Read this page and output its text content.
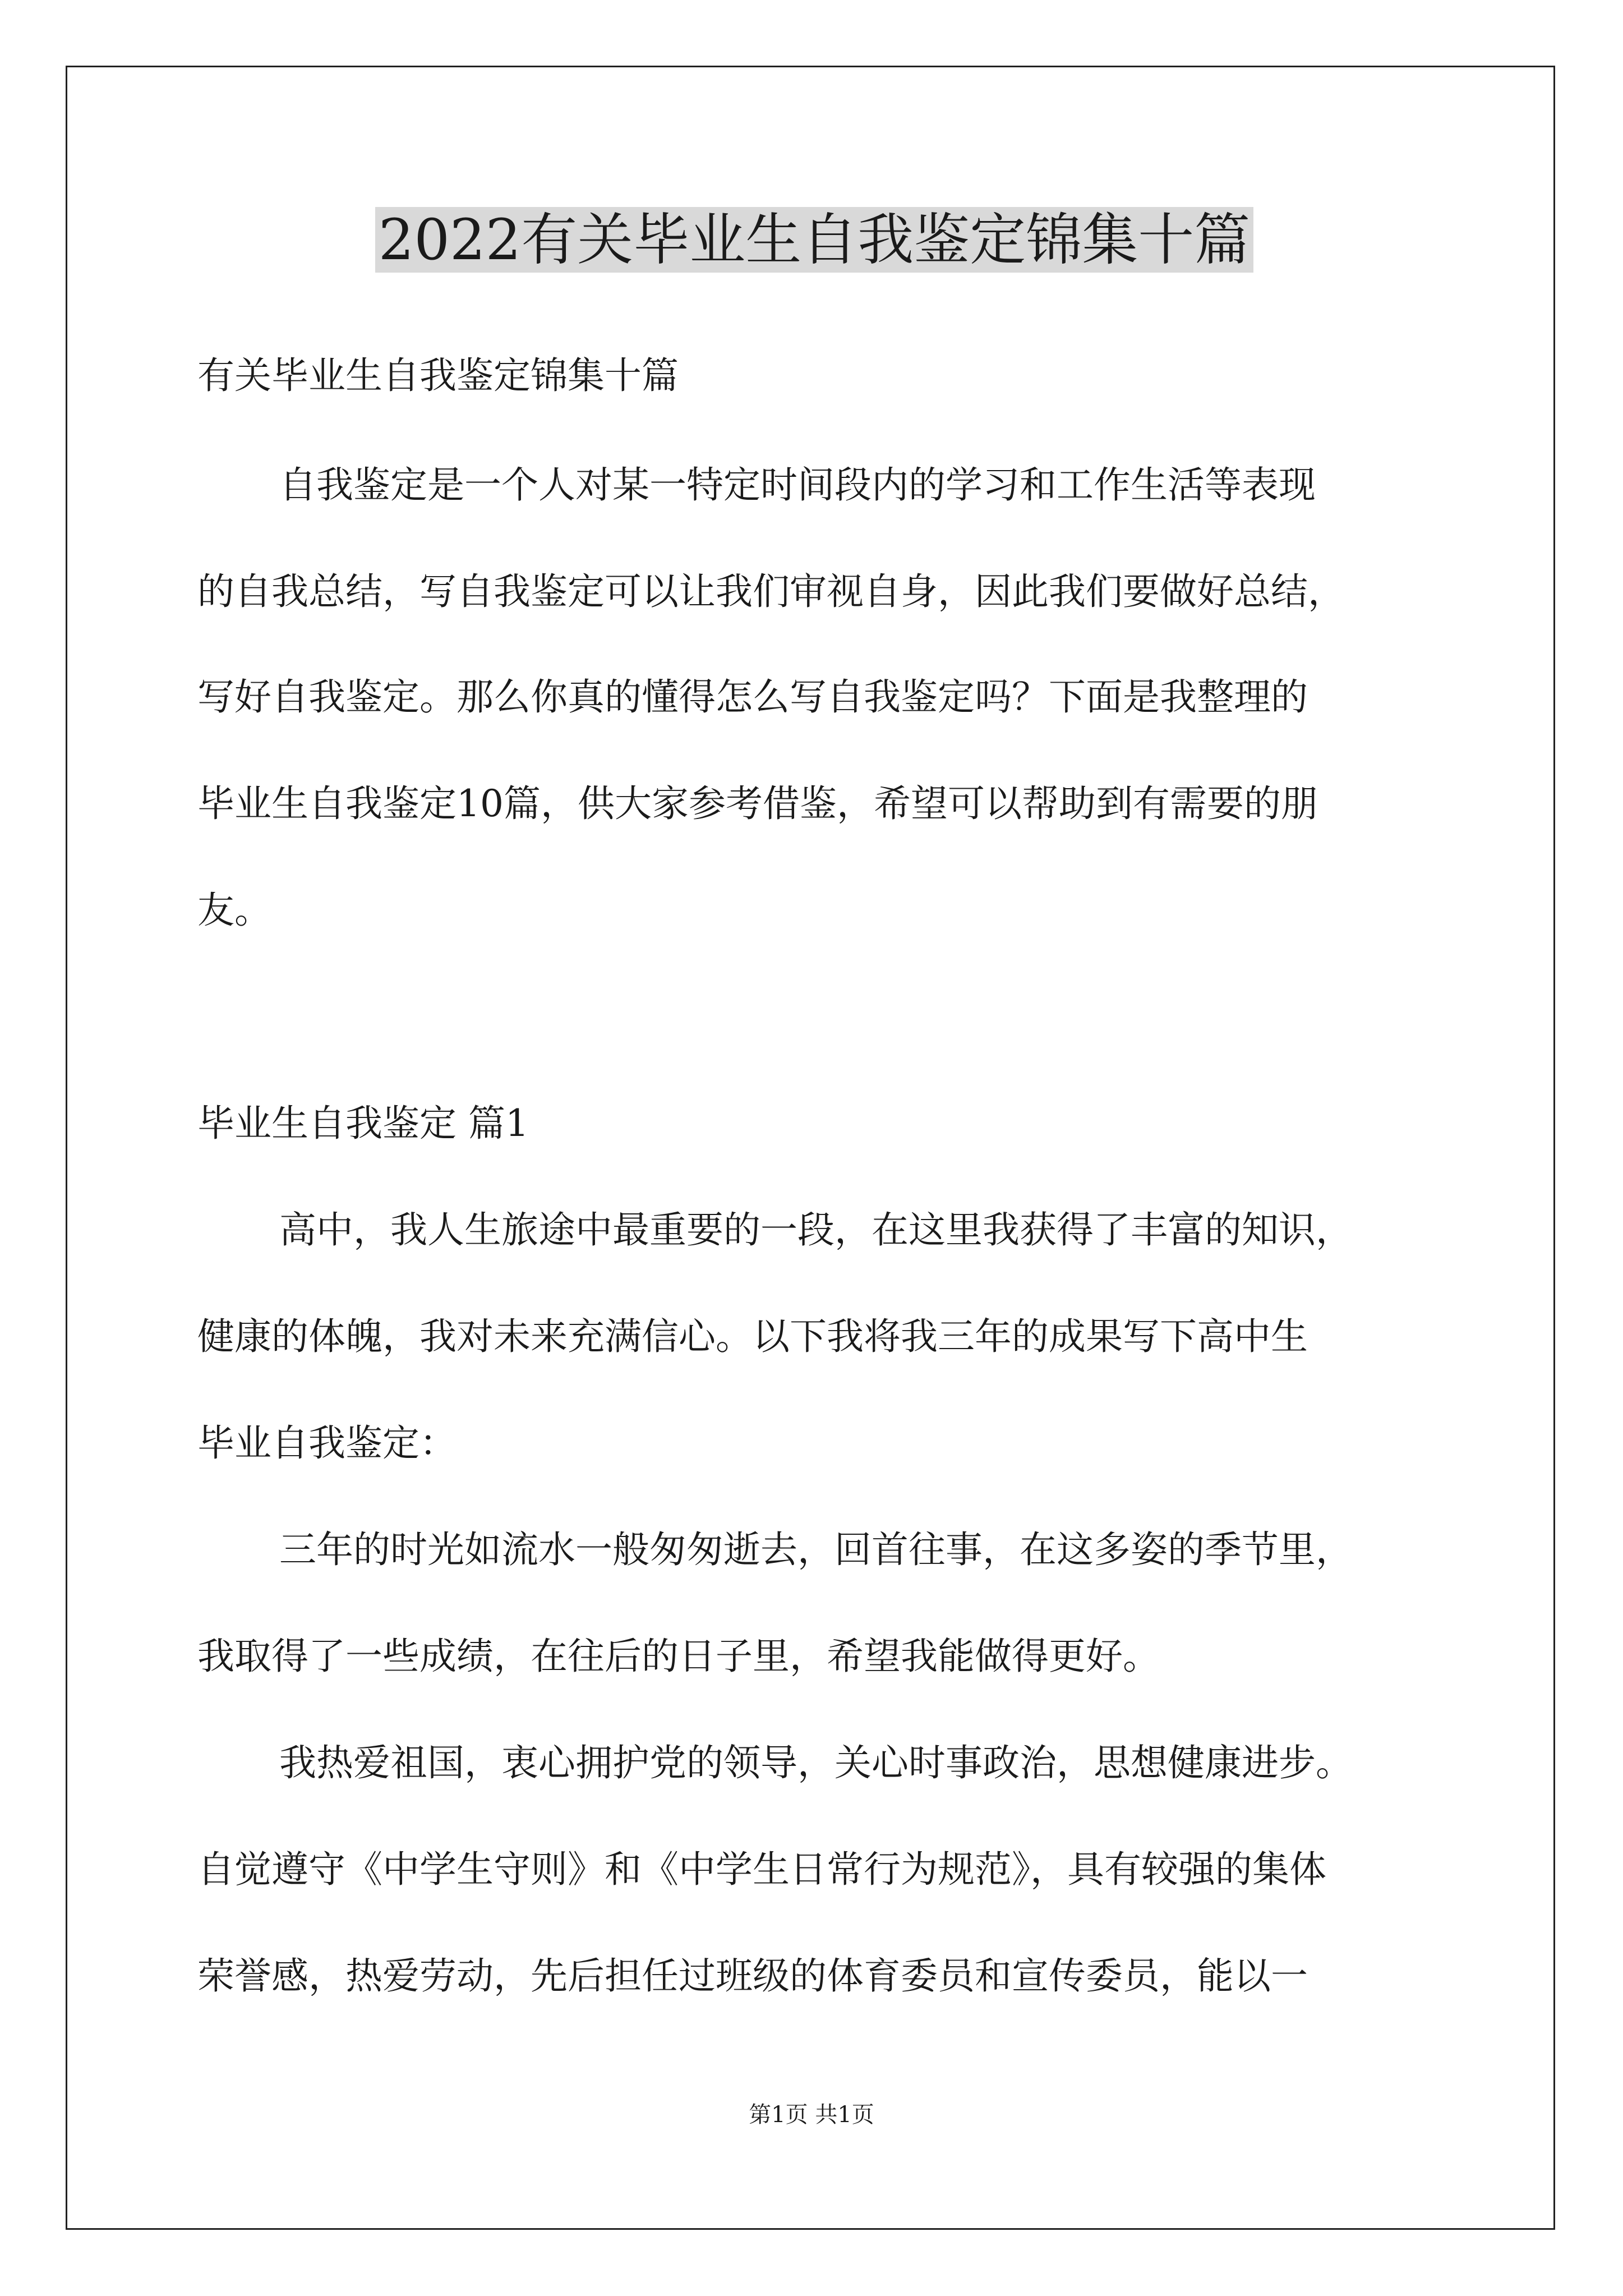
2022有关毕业生自我鉴定锦集十篇

有关毕业生自我鉴定锦集十篇

自我鉴定是一个人对某一特定时间段内的学习和工作生活等表现

的自我总结，写自我鉴定可以让我们审视自身，因此我们要做好总结，

写好自我鉴定。那么你真的懂得怎么写自我鉴定吗？下面是我整理的

毕业生自我鉴定10篇，供大家参考借鉴，希望可以帮助到有需要的朋

友。

毕业生自我鉴定 篇1

高中，我人生旅途中最重要的一段，在这里我获得了丰富的知识，

健康的体魄，我对未来充满信心。以下我将我三年的成果写下高中生

毕业自我鉴定：

三年的时光如流水一般匆匆逝去，回首往事，在这多姿的季节里，

我取得了一些成绩，在往后的日子里，希望我能做得更好。

我热爱祖国，衷心拥护党的领导，关心时事政治，思想健康进步。

自觉遵守《中学生守则》和《中学生日常行为规范》，具有较强的集体

荣誉感，热爱劳动，先后担任过班级的体育委员和宣传委员，能以一

第1页 共1页
